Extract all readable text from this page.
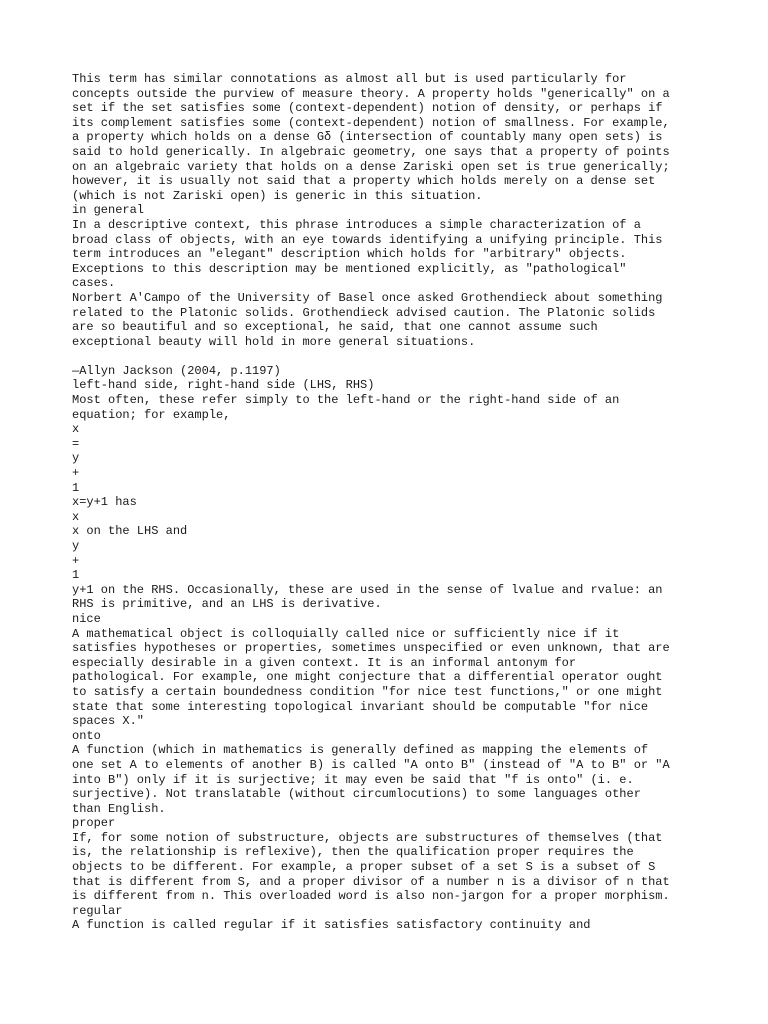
This term has similar connotations as almost all but is used particularly for
concepts outside the purview of measure theory. A property holds "generically" on a
set if the set satisfies some (context-dependent) notion of density, or perhaps if
its complement satisfies some (context-dependent) notion of smallness. For example,
a property which holds on a dense Gδ (intersection of countably many open sets) is
said to hold generically. In algebraic geometry, one says that a property of points
on an algebraic variety that holds on a dense Zariski open set is true generically;
however, it is usually not said that a property which holds merely on a dense set
(which is not Zariski open) is generic in this situation.
in general
In a descriptive context, this phrase introduces a simple characterization of a
broad class of objects, with an eye towards identifying a unifying principle. This
term introduces an "elegant" description which holds for "arbitrary" objects.
Exceptions to this description may be mentioned explicitly, as "pathological"
cases.
Norbert A'Campo of the University of Basel once asked Grothendieck about something
related to the Platonic solids. Grothendieck advised caution. The Platonic solids
are so beautiful and so exceptional, he said, that one cannot assume such
exceptional beauty will hold in more general situations.
—Allyn Jackson (2004, p.1197)
left-hand side, right-hand side (LHS, RHS)
Most often, these refer simply to the left-hand or the right-hand side of an
equation; for example,
x
=
y
+
1
x=y+1 has
x
x on the LHS and
y
+
1
y+1 on the RHS. Occasionally, these are used in the sense of lvalue and rvalue: an
RHS is primitive, and an LHS is derivative.
nice
A mathematical object is colloquially called nice or sufficiently nice if it
satisfies hypotheses or properties, sometimes unspecified or even unknown, that are
especially desirable in a given context. It is an informal antonym for
pathological. For example, one might conjecture that a differential operator ought
to satisfy a certain boundedness condition "for nice test functions," or one might
state that some interesting topological invariant should be computable "for nice
spaces X."
onto
A function (which in mathematics is generally defined as mapping the elements of
one set A to elements of another B) is called "A onto B" (instead of "A to B" or "A
into B") only if it is surjective; it may even be said that "f is onto" (i. e.
surjective). Not translatable (without circumlocutions) to some languages other
than English.
proper
If, for some notion of substructure, objects are substructures of themselves (that
is, the relationship is reflexive), then the qualification proper requires the
objects to be different. For example, a proper subset of a set S is a subset of S
that is different from S, and a proper divisor of a number n is a divisor of n that
is different from n. This overloaded word is also non-jargon for a proper morphism.
regular
A function is called regular if it satisfies satisfactory continuity and
